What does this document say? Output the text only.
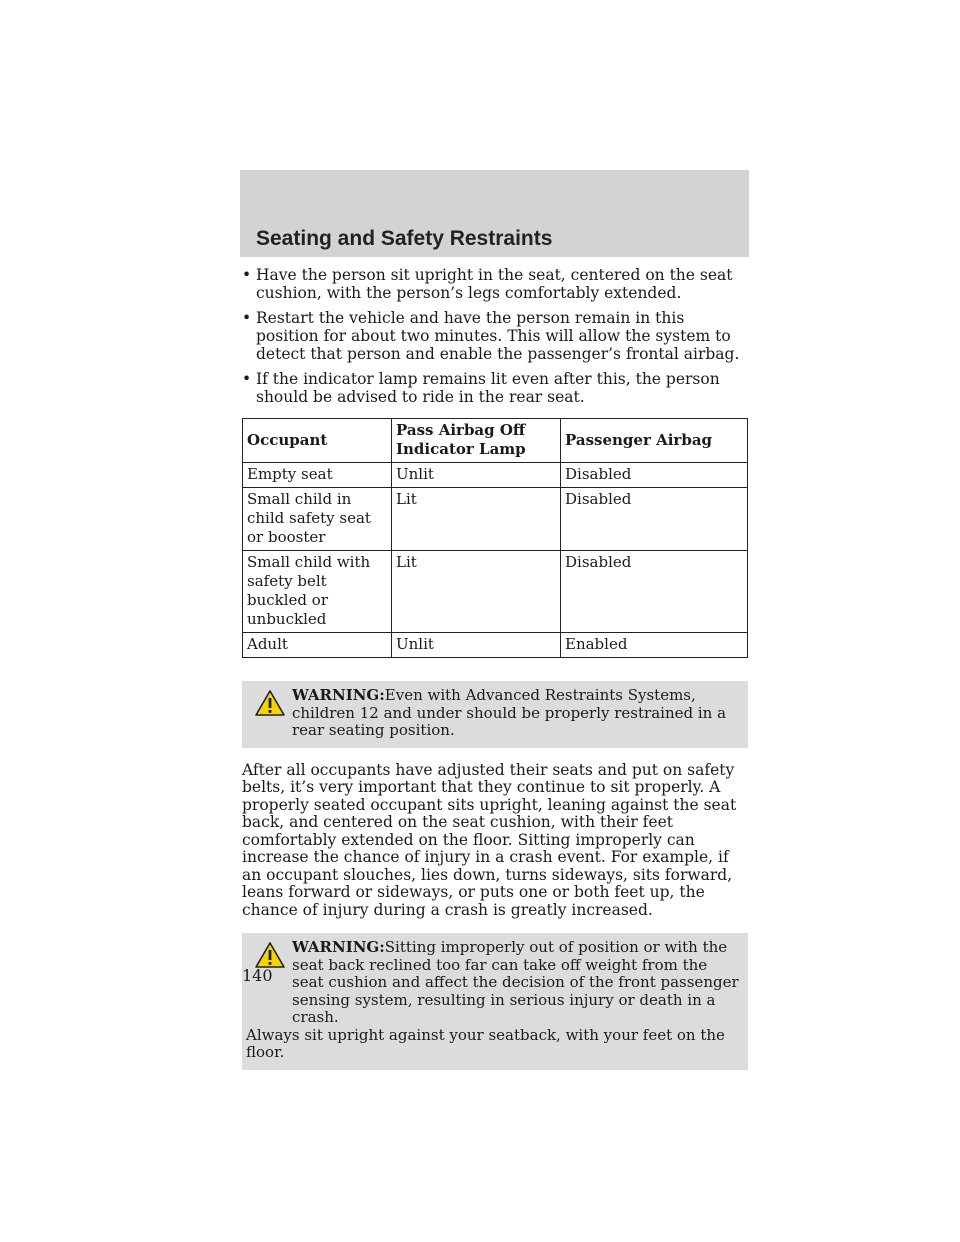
Seating and Safety Restraints
• Have the person sit upright in the seat, centered on the seat cushion, with the person’s legs comfortably extended.
• Restart the vehicle and have the person remain in this position for about two minutes. This will allow the system to detect that person and enable the passenger’s frontal airbag.
• If the indicator lamp remains lit even after this, the person should be advised to ride in the rear seat.
Occupant	Pass Airbag Off Indicator Lamp	Passenger Airbag
Empty seat	Unlit	Disabled
Small child in child safety seat or booster	Lit	Disabled
Small child with safety belt buckled or unbuckled	Lit	Disabled
Adult	Unlit	Enabled
WARNING:Even with Advanced Restraints Systems, children 12 and under should be properly restrained in a rear seating position.
After all occupants have adjusted their seats and put on safety belts, it’s very important that they continue to sit properly. A properly seated occupant sits upright, leaning against the seat back, and centered on the seat cushion, with their feet comfortably extended on the floor. Sitting improperly can increase the chance of injury in a crash event. For example, if an occupant slouches, lies down, turns sideways, sits forward, leans forward or sideways, or puts one or both feet up, the chance of injury during a crash is greatly increased.
WARNING:Sitting improperly out of position or with the seat back reclined too far can take off weight from the seat cushion and affect the decision of the front passenger sensing system, resulting in serious injury or death in a crash.
Always sit upright against your seatback, with your feet on the floor.
140
